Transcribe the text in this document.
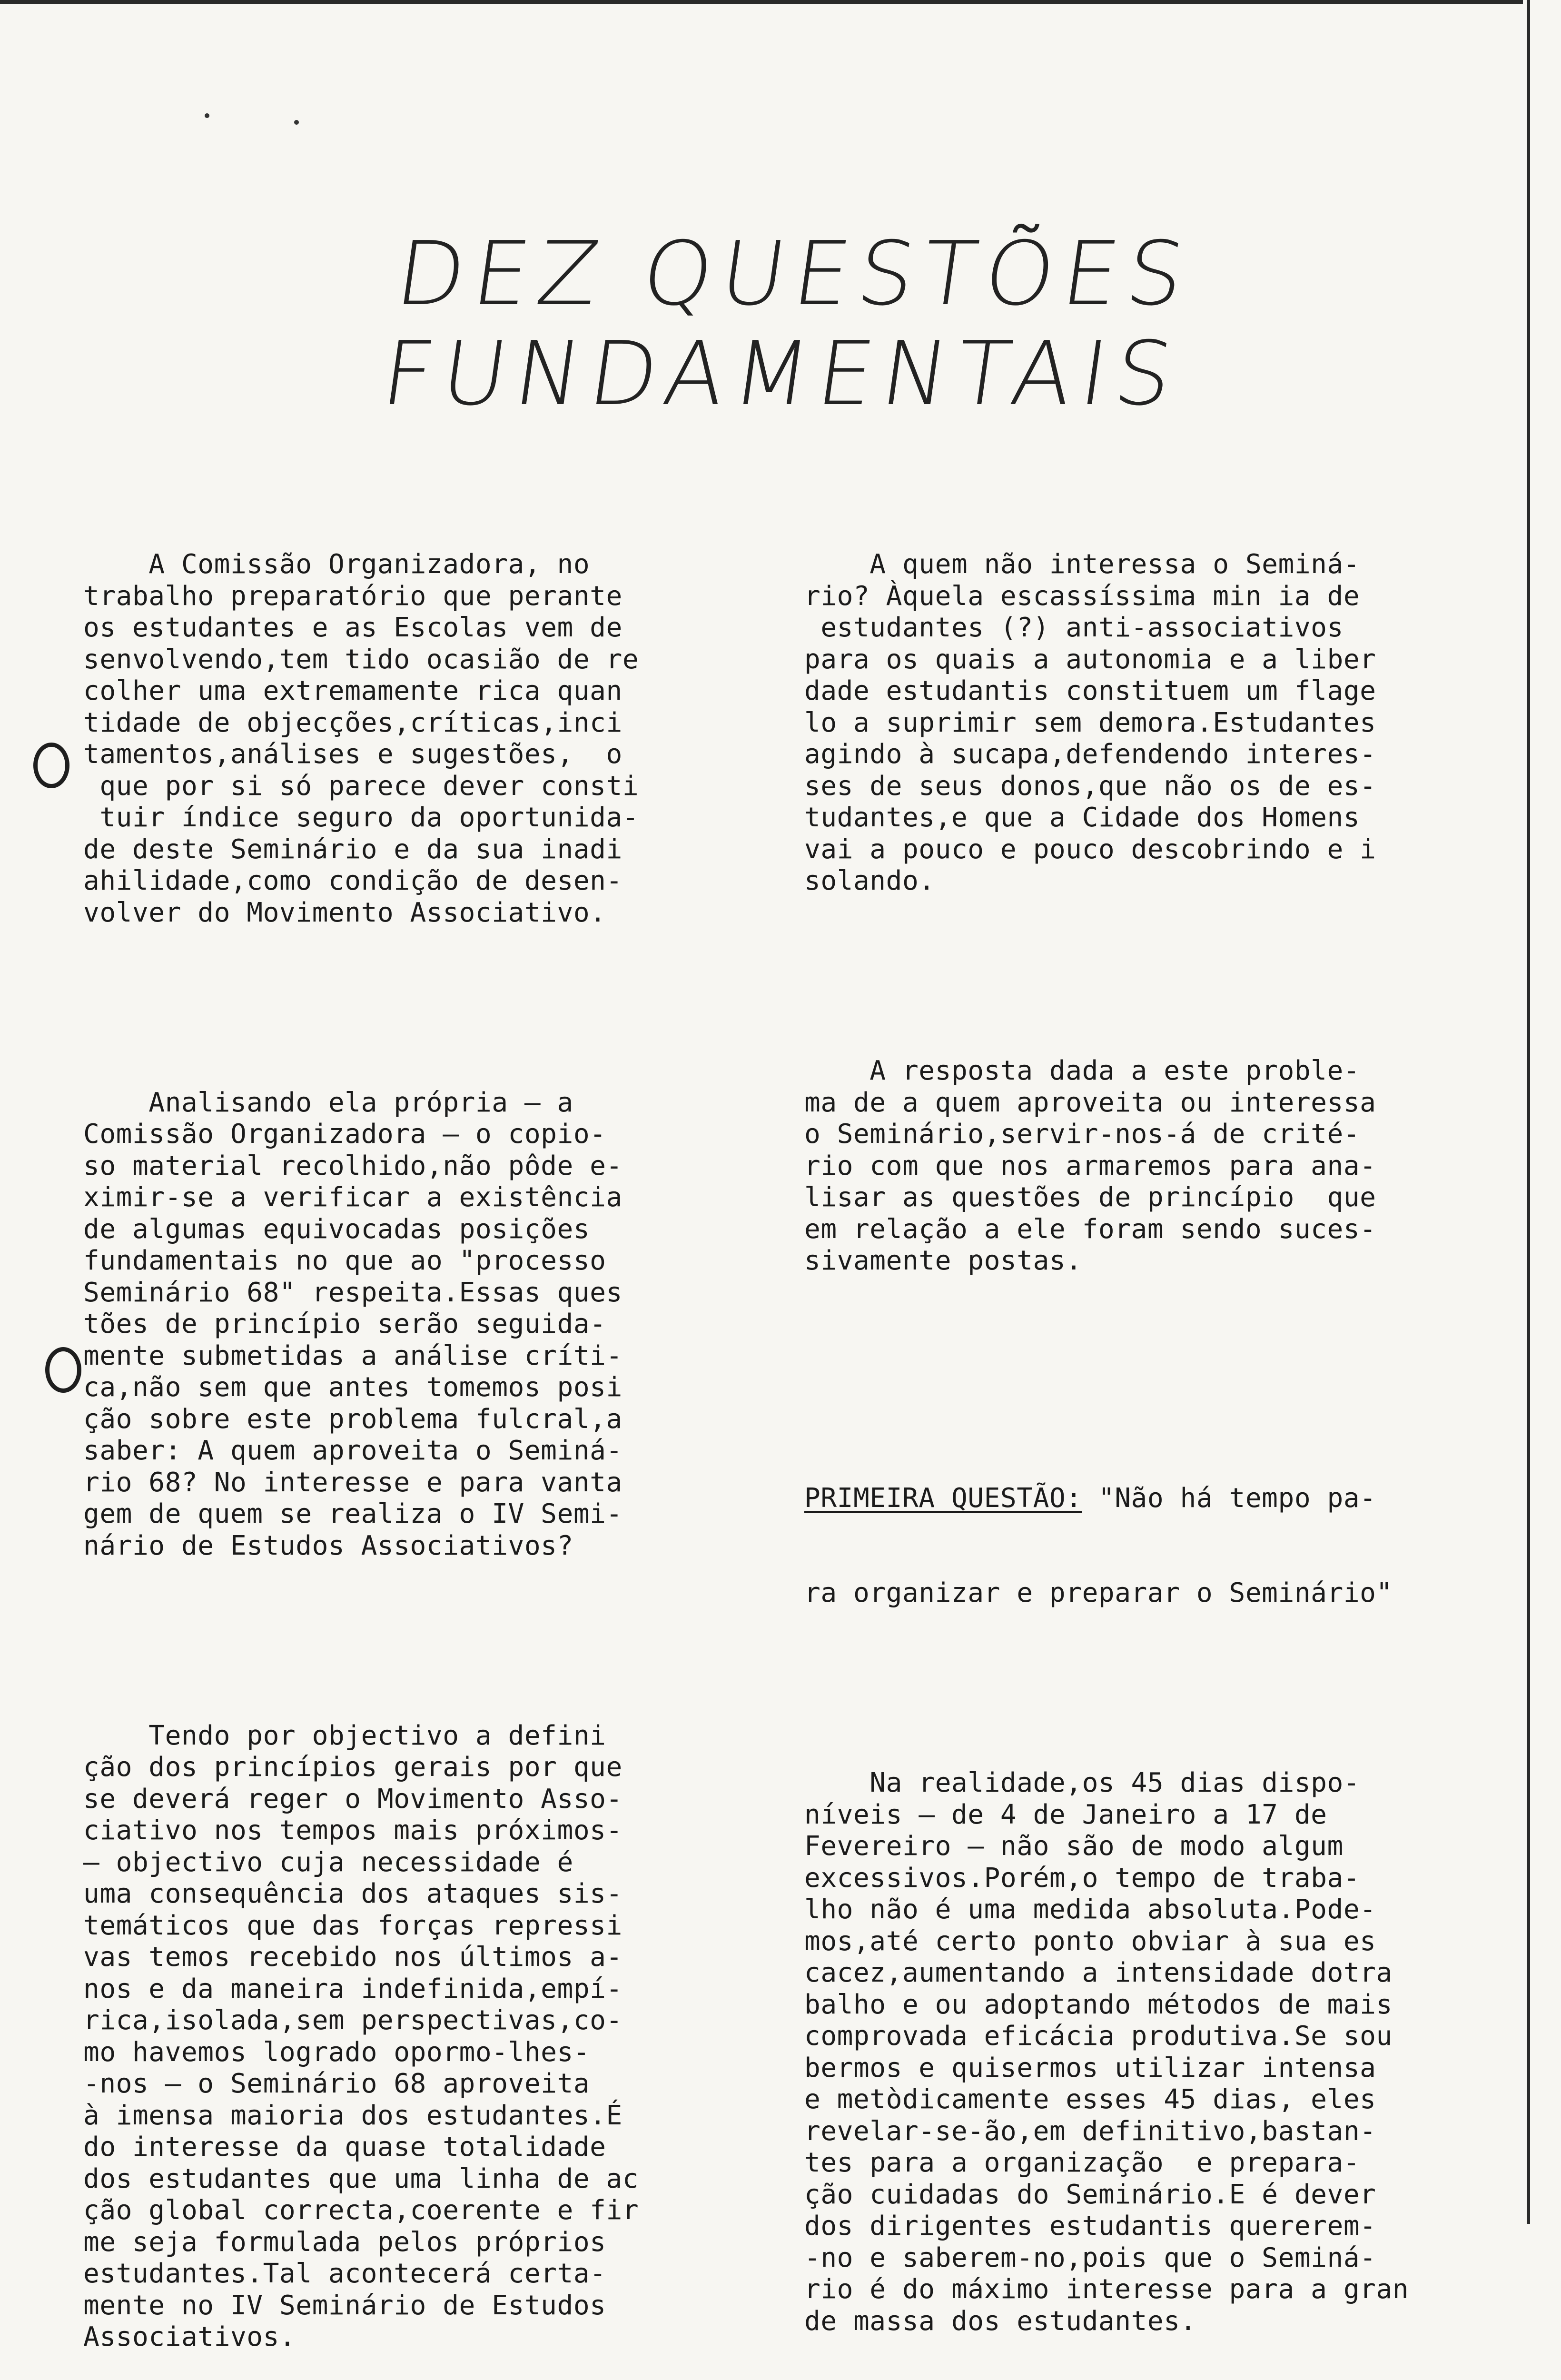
DEZ QUESTÕES
FUNDAMENTAIS

A Comissão Organizadora, no
trabalho preparatório que perante
os estudantes e as Escolas vem de
senvolvendo,tem tido ocasião de re
colher uma extremamente rica quan
tidade de objecções,críticas,inci
tamentos,análises e sugestões,  o
que por si só parece dever consti
tuir índice seguro da oportunida-
de deste Seminário e da sua inadi
ahilidade,como condição de desen-
volver do Movimento Associativo.

Analisando ela própria — a
Comissão Organizadora — o copio-
so material recolhido,não pôde e-
ximir-se a verificar a existência
de algumas equivocadas posições
fundamentais no que ao "processo
Seminário 68" respeita.Essas ques
tões de princípio serão seguida-
mente submetidas a análise críti-
ca,não sem que antes tomemos posi
ção sobre este problema fulcral,a
saber: A quem aproveita o Seminá-
rio 68? No interesse e para vanta
gem de quem se realiza o IV Semi-
nário de Estudos Associativos?

Tendo por objectivo a defini
ção dos princípios gerais por que
se deverá reger o Movimento Asso-
ciativo nos tempos mais próximos-
— objectivo cuja necessidade é
uma consequência dos ataques sis-
temáticos que das forças repressi
vas temos recebido nos últimos a-
nos e da maneira indefinida,empí-
rica,isolada,sem perspectivas,co-
mo havemos logrado opormo-lhes-
-nos — o Seminário 68 aproveita
à imensa maioria dos estudantes.É
do interesse da quase totalidade
dos estudantes que uma linha de ac
ção global correcta,coerente e fir
me seja formulada pelos próprios
estudantes.Tal acontecerá certa-
mente no IV Seminário de Estudos
Associativos.

A quem não interessa o Seminá-
rio? Àquela escassíssima min ia de
estudantes (?) anti-associativos
para os quais a autonomia e a liber
dade estudantis constituem um flage
lo a suprimir sem demora.Estudantes
agindo à sucapa,defendendo interes-
ses de seus donos,que não os de es-
tudantes,e que a Cidade dos Homens
vai a pouco e pouco descobrindo e i
solando.

A resposta dada a este proble-
ma de a quem aproveita ou interessa
o Seminário,servir-nos-á de crité-
rio com que nos armaremos para ana-
lisar as questões de princípio  que
em relação a ele foram sendo suces-
sivamente postas.

PRIMEIRA QUESTÃO: "Não há tempo pa-

ra organizar e preparar o Seminário"

Na realidade,os 45 dias dispo-
níveis — de 4 de Janeiro a 17 de
Fevereiro — não são de modo algum
excessivos.Porém,o tempo de traba-
lho não é uma medida absoluta.Pode-
mos,até certo ponto obviar à sua es
cacez,aumentando a intensidade dotra
balho e ou adoptando métodos de mais
comprovada eficácia produtiva.Se sou
bermos e quisermos utilizar intensa
e metòdicamente esses 45 dias, eles
revelar-se-ão,em definitivo,bastan-
tes para a organização  e prepara-
ção cuidadas do Seminário.E é dever
dos dirigentes estudantis quererem-
-no e saberem-no,pois que o Seminá-
rio é do máximo interesse para a gran
de massa dos estudantes.
